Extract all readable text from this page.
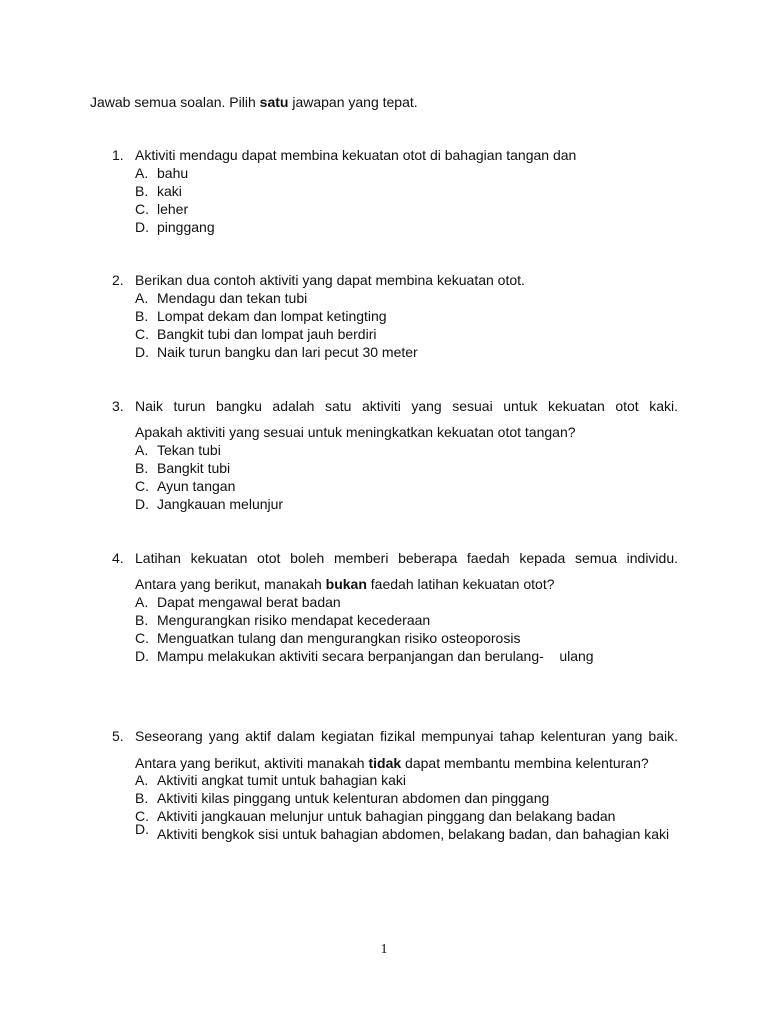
Jawab semua soalan. Pilih satu jawapan yang tepat.
1. Aktiviti mendagu dapat membina kekuatan otot di bahagian tangan dan
A. bahu
B. kaki
C. leher
D. pinggang
2. Berikan dua contoh aktiviti yang dapat membina kekuatan otot.
A. Mendagu dan tekan tubi
B. Lompat dekam dan lompat ketingting
C. Bangkit tubi dan lompat jauh berdiri
D. Naik turun bangku dan lari pecut 30 meter
3. Naik turun bangku adalah satu aktiviti yang sesuai untuk kekuatan otot kaki.
Apakah aktiviti yang sesuai untuk meningkatkan kekuatan otot tangan?
A. Tekan tubi
B. Bangkit tubi
C. Ayun tangan
D. Jangkauan melunjur
4. Latihan kekuatan otot boleh memberi beberapa faedah kepada semua individu.
Antara yang berikut, manakah bukan faedah latihan kekuatan otot?
A. Dapat mengawal berat badan
B. Mengurangkan risiko mendapat kecederaan
C. Menguatkan tulang dan mengurangkan risiko osteoporosis
D. Mampu melakukan aktiviti secara berpanjangan dan berulang-    ulang
5. Seseorang yang aktif dalam kegiatan fizikal mempunyai tahap kelenturan yang baik. Antara yang berikut, aktiviti manakah tidak dapat membantu membina kelenturan?
A. Aktiviti angkat tumit untuk bahagian kaki
B. Aktiviti kilas pinggang untuk kelenturan abdomen dan pinggang
C. Aktiviti jangkauan melunjur untuk bahagian pinggang dan belakang badan
D. Aktiviti bengkok sisi untuk bahagian abdomen, belakang badan, dan bahagian kaki
1
